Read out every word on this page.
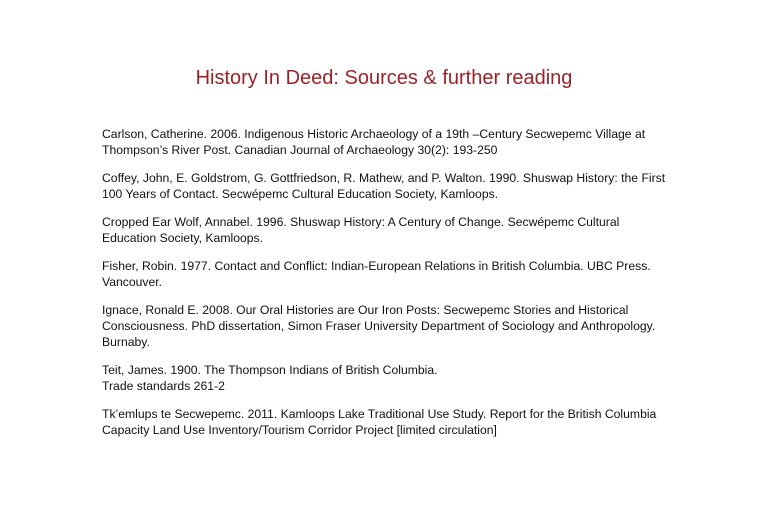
History In Deed: Sources & further reading
Carlson, Catherine. 2006. Indigenous Historic Archaeology of a 19th –Century Secwepemc Village at
Thompson’s River Post. Canadian Journal of Archaeology 30(2): 193-250
Coffey, John, E. Goldstrom, G. Gottfriedson, R. Mathew, and P. Walton. 1990. Shuswap History: the First
100 Years of Contact. Secwépemc Cultural Education Society, Kamloops.
Cropped Ear Wolf, Annabel. 1996. Shuswap History: A Century of Change. Secwépemc Cultural
Education Society, Kamloops.
Fisher, Robin. 1977. Contact and Conflict: Indian-European Relations in British Columbia. UBC Press.
Vancouver.
Ignace, Ronald E. 2008. Our Oral Histories are Our Iron Posts: Secwepemc Stories and Historical
Consciousness. PhD dissertation, Simon Fraser University Department of Sociology and Anthropology.
Burnaby.
Teit, James. 1900. The Thompson Indians of British Columbia.
Trade standards 261-2
Tk’emlups te Secwepemc. 2011. Kamloops Lake Traditional Use Study. Report for the British Columbia
Capacity Land Use Inventory/Tourism Corridor Project [limited circulation]
